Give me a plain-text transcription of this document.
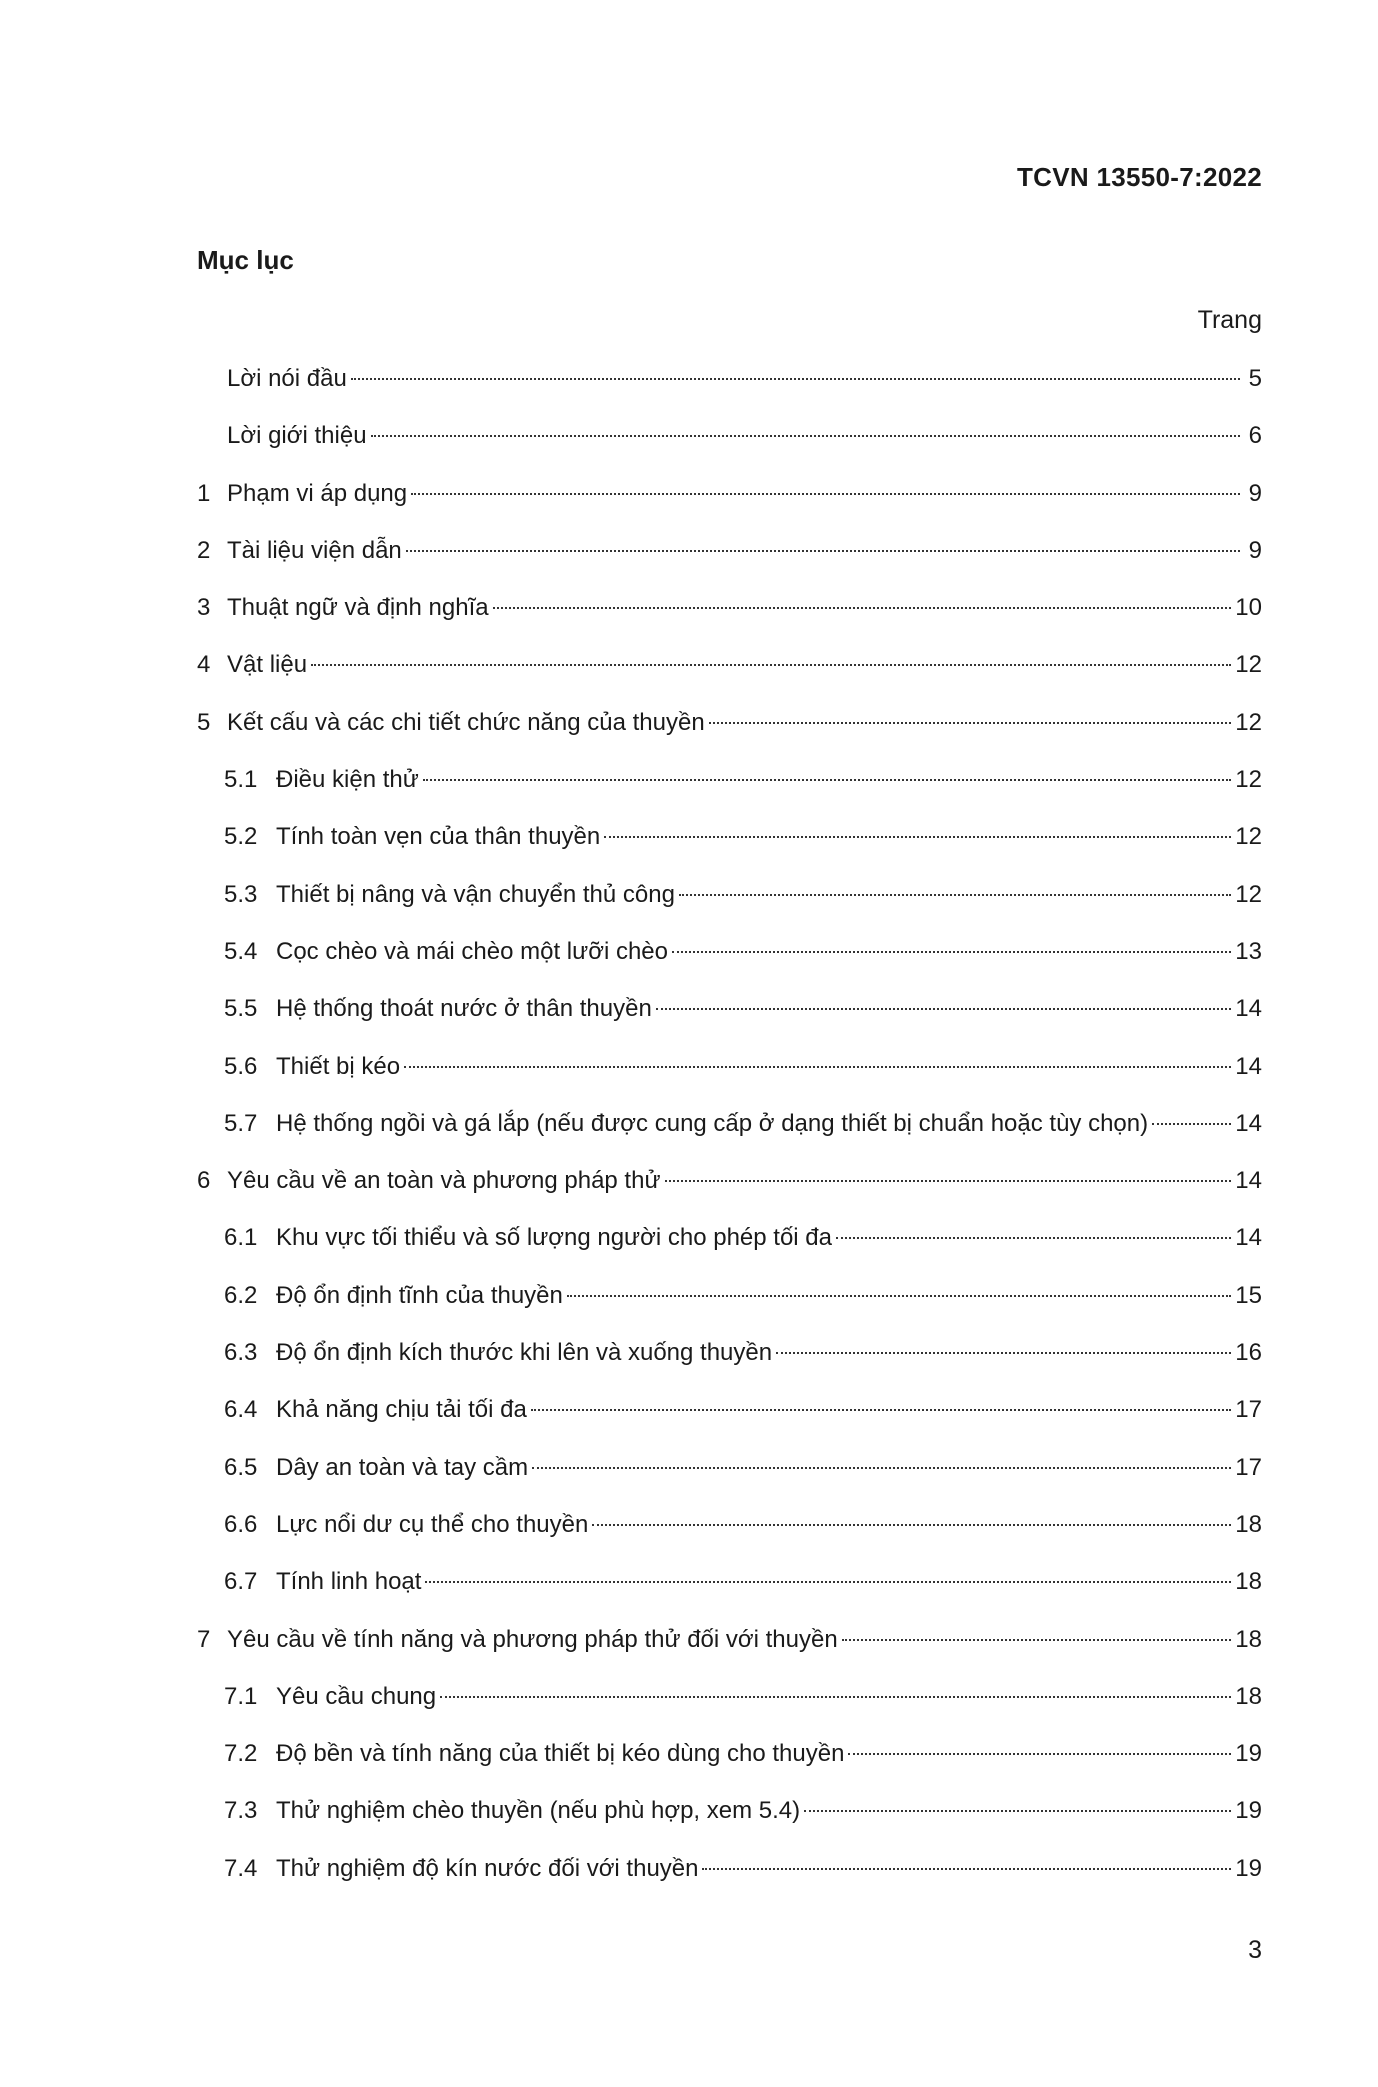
TCVN 13550-7:2022
Mục lục
Trang
Lời nói đầu	5
Lời giới thiệu	6
1 Phạm vi áp dụng	9
2 Tài liệu viện dẫn	9
3 Thuật ngữ và định nghĩa	10
4 Vật liệu	12
5 Kết cấu và các chi tiết chức năng của thuyền	12
5.1 Điều kiện thử	12
5.2 Tính toàn vẹn của thân thuyền	12
5.3 Thiết bị nâng và vận chuyển thủ công	12
5.4 Cọc chèo và mái chèo một lưỡi chèo	13
5.5 Hệ thống thoát nước ở thân thuyền	14
5.6 Thiết bị kéo	14
5.7 Hệ thống ngồi và gá lắp (nếu được cung cấp ở dạng thiết bị chuẩn hoặc tùy chọn)	14
6 Yêu cầu về an toàn và phương pháp thử	14
6.1 Khu vực tối thiểu và số lượng người cho phép tối đa	14
6.2 Độ ổn định tĩnh của thuyền	15
6.3 Độ ổn định kích thước khi lên và xuống thuyền	16
6.4 Khả năng chịu tải tối đa	17
6.5 Dây an toàn và tay cầm	17
6.6 Lực nổi dư cụ thể cho thuyền	18
6.7 Tính linh hoạt	18
7 Yêu cầu về tính năng và phương pháp thử đối với thuyền	18
7.1 Yêu cầu chung	18
7.2 Độ bền và tính năng của thiết bị kéo dùng cho thuyền	19
7.3 Thử nghiệm chèo thuyền (nếu phù hợp, xem 5.4)	19
7.4 Thử nghiệm độ kín nước đối với thuyền	19
3
